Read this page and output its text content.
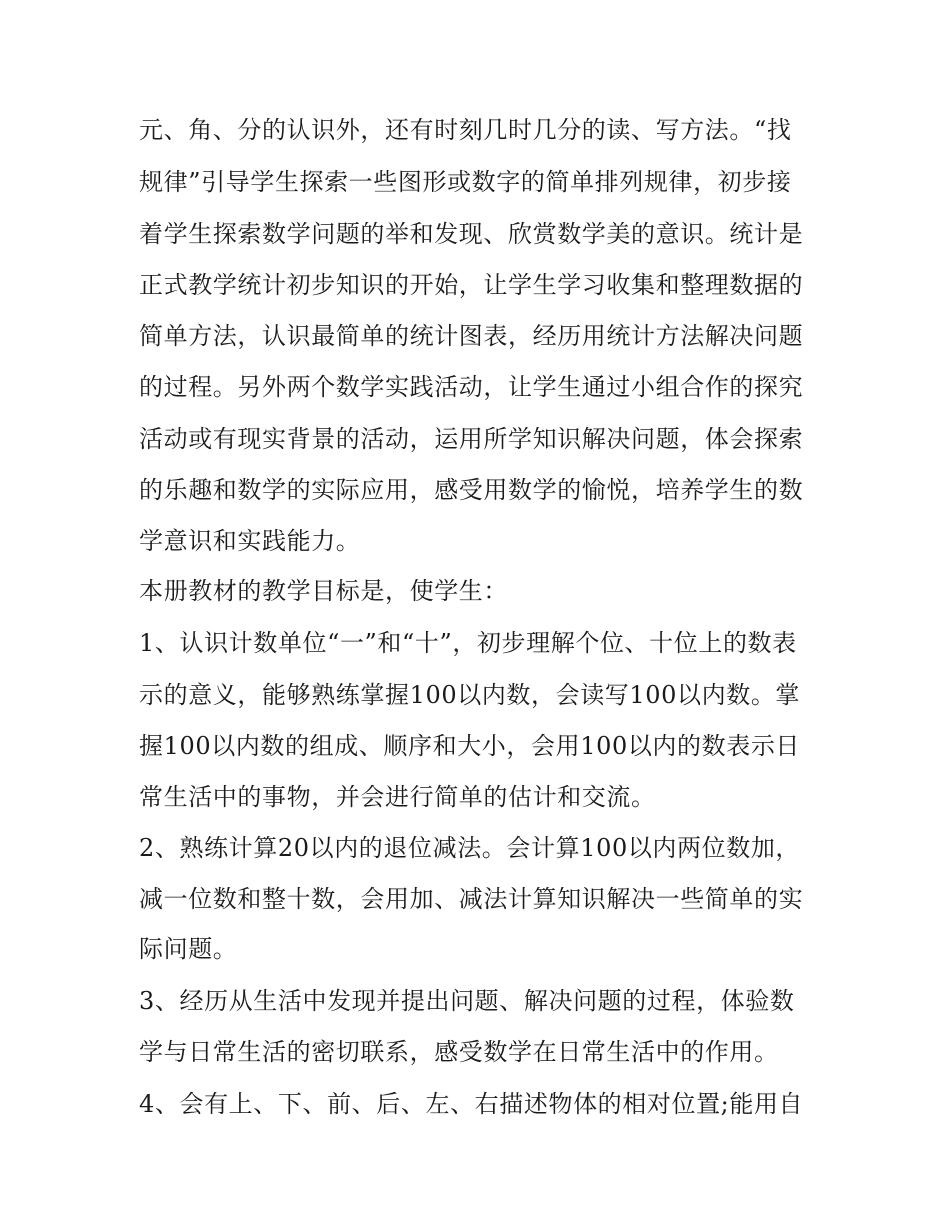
元、角、分的认识外，还有时刻几时几分的读、写方法。“找

规律”引导学生探索一些图形或数字的简单排列规律，初步接

着学生探索数学问题的举和发现、欣赏数学美的意识。统计是

正式教学统计初步知识的开始，让学生学习收集和整理数据的

简单方法，认识最简单的统计图表，经历用统计方法解决问题

的过程。另外两个数学实践活动，让学生通过小组合作的探究

活动或有现实背景的活动，运用所学知识解决问题，体会探索

的乐趣和数学的实际应用，感受用数学的愉悦，培养学生的数

学意识和实践能力。

本册教材的教学目标是，使学生：

1、认识计数单位“一”和“十”，初步理解个位、十位上的数表

示的意义，能够熟练掌握100以内数，会读写100以内数。掌

握100以内数的组成、顺序和大小，会用100以内的数表示日

常生活中的事物，并会进行简单的估计和交流。

2、熟练计算20以内的退位减法。会计算100以内两位数加，

减一位数和整十数，会用加、减法计算知识解决一些简单的实

际问题。

3、经历从生活中发现并提出问题、解决问题的过程，体验数

学与日常生活的密切联系，感受数学在日常生活中的作用。

4、会有上、下、前、后、左、右描述物体的相对位置;能用自
